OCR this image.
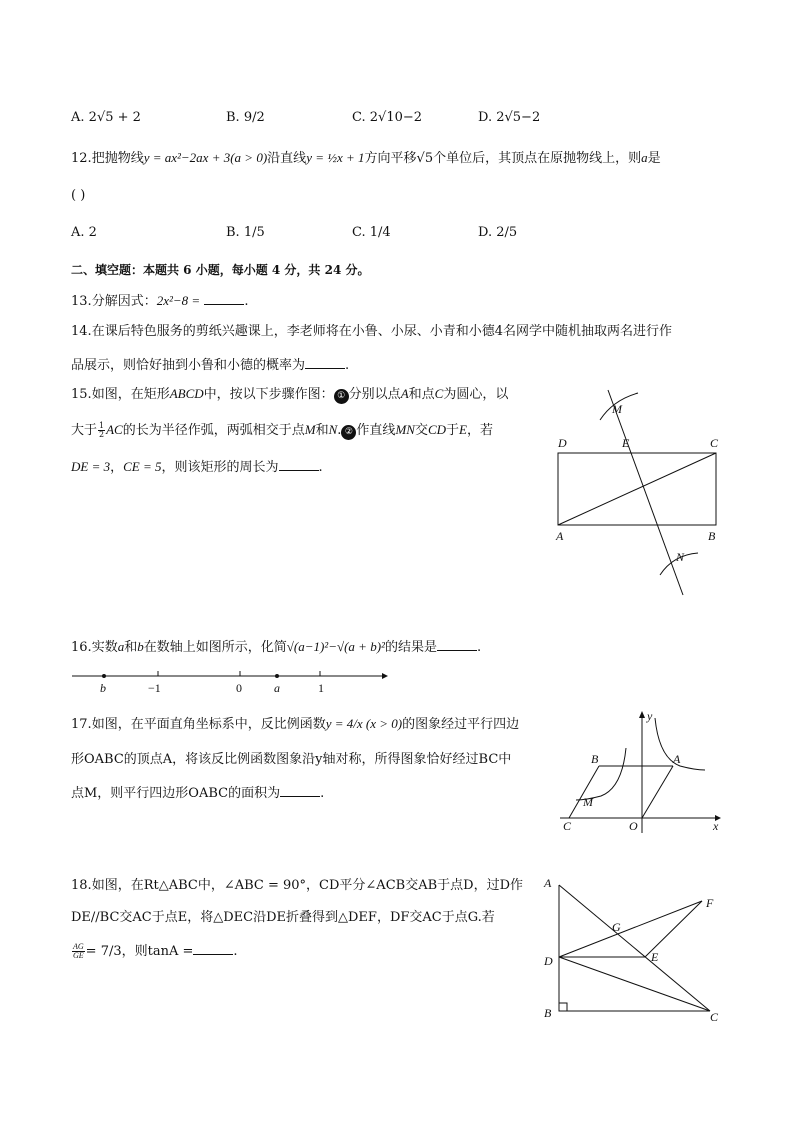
A. 2√5 + 2	B. 9/2	C. 2√10−2	D. 2√5−2
12.把抛物线y = ax²−2ax + 3(a > 0)沿直线y = ½x + 1方向平移√5个单位后，其顶点在原抛物线上，则a是
( )
A. 2	B. 1/5	C. 1/4	D. 2/5
二、填空题：本题共 6 小题，每小题 4 分，共 24 分。
13.分解因式：2x²−8 =	.
14.在课后特色服务的剪纸兴趣课上，李老师将在小鲁、小尿、小青和小德4名网学中随机抽取两名进行作
品展示，则恰好抽到小鲁和小德的概率为	.
15.如图，在矩形ABCD中，按以下步骤作图： ① 分别以点A和点C为圆心，以
大于 $\frac{1}{2}$ AC的长为半径作弧，两弧相交于点M和N. ② 作直线MN交CD于E，若
DE = 3，CE = 5，则该矩形的周长为	.
M
D	E	C
A	B
N
16.实数a和b在数轴上如图所示，化简√(a−1)²−√(a + b)²的结果是	.
b	−1	0	a	1
17.如图，在平面直角坐标系中，反比例函数y = 4/x (x > 0)的图象经过平行四边
形OABC的顶点A，将该反比例函数图象沿y轴对称，所得图象恰好经过BC中
点M，则平行四边形OABC的面积为	.
y
x
B	A
M
C	O
18.如图，在Rt△ABC中，∠ABC = 90°，CD平分∠ACB交AB于点D，过D作
DE//BC交AC于点E，将△DEC沿DE折叠得到△DEF，DF交AC于点G.若
$\frac{AG}{GE} = 7/3$，则tanA =	.
A
F
G
D	E
B	C
